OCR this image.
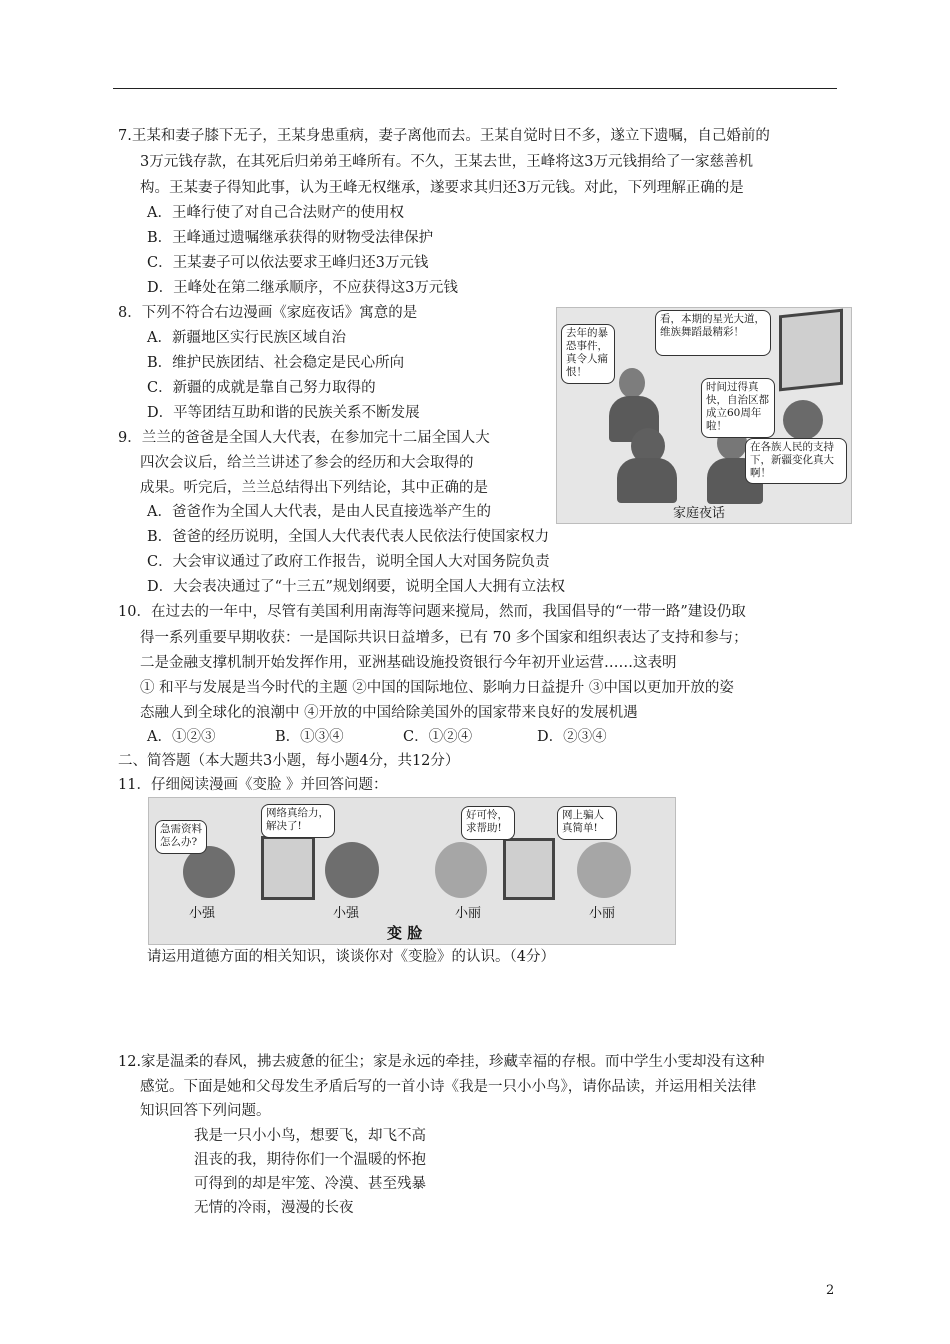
7.王某和妻子膝下无子，王某身患重病，妻子离他而去。王某自觉时日不多，遂立下遗嘱，自己婚前的
3万元钱存款，在其死后归弟弟王峰所有。不久，王某去世，王峰将这3万元钱捐给了一家慈善机
构。王某妻子得知此事，认为王峰无权继承，遂要求其归还3万元钱。对此，下列理解正确的是
A．王峰行使了对自己合法财产的使用权
B．王峰通过遗嘱继承获得的财物受法律保护
C．王某妻子可以依法要求王峰归还3万元钱
D．王峰处在第二继承顺序，不应获得这3万元钱
8．下列不符合右边漫画《家庭夜话》寓意的是
A．新疆地区实行民族区域自治
B．维护民族团结、社会稳定是民心所向
C．新疆的成就是靠自己努力取得的
D．平等团结互助和谐的民族关系不断发展
去年的暴恐事件，真令人痛恨！
看，本期的星光大道，维族舞蹈最精彩！
时间过得真快，自治区都成立60周年啦！
在各族人民的支持下，新疆变化真大啊！
家庭夜话
9．兰兰的爸爸是全国人大代表，在参加完十二届全国人大
四次会议后，给兰兰讲述了参会的经历和大会取得的
成果。听完后，兰兰总结得出下列结论，其中正确的是
A．爸爸作为全国人大代表，是由人民直接选举产生的
B．爸爸的经历说明，全国人大代表代表人民依法行使国家权力
C．大会审议通过了政府工作报告，说明全国人大对国务院负责
D．大会表决通过了“十三五”规划纲要，说明全国人大拥有立法权
10．在过去的一年中，尽管有美国利用南海等问题来搅局，然而，我国倡导的“一带一路”建设仍取
得一系列重要早期收获：一是国际共识日益增多，已有 70 多个国家和组织表达了支持和参与；
二是金融支撑机制开始发挥作用，亚洲基础设施投资银行今年初开业运营……这表明
① 和平与发展是当今时代的主题 ②中国的国际地位、影响力日益提升 ③中国以更加开放的姿
态融人到全球化的浪潮中 ④开放的中国给除美国外的国家带来良好的发展机遇
A．①②③	B．①③④	C．①②④	D．②③④
二、简答题（本大题共3小题，每小题4分，共12分）
11．仔细阅读漫画《变脸 》并回答问题：
急需资料怎么办?
网络真给力，解决了!
好可怜，求帮助!
网上骗人真简单!
小强	小强	小丽	小丽
变 脸
请运用道德方面的相关知识，谈谈你对《变脸》的认识。（4分）
12.家是温柔的春风，拂去疲惫的征尘；家是永远的牵挂，珍藏幸福的存根。而中学生小雯却没有这种
感觉。下面是她和父母发生矛盾后写的一首小诗《我是一只小小鸟》，请你品读，并运用相关法律
知识回答下列问题。
我是一只小小鸟，想要飞，却飞不高
沮丧的我，期待你们一个温暖的怀抱
可得到的却是牢笼、冷漠、甚至残暴
无情的冷雨，漫漫的长夜
2
